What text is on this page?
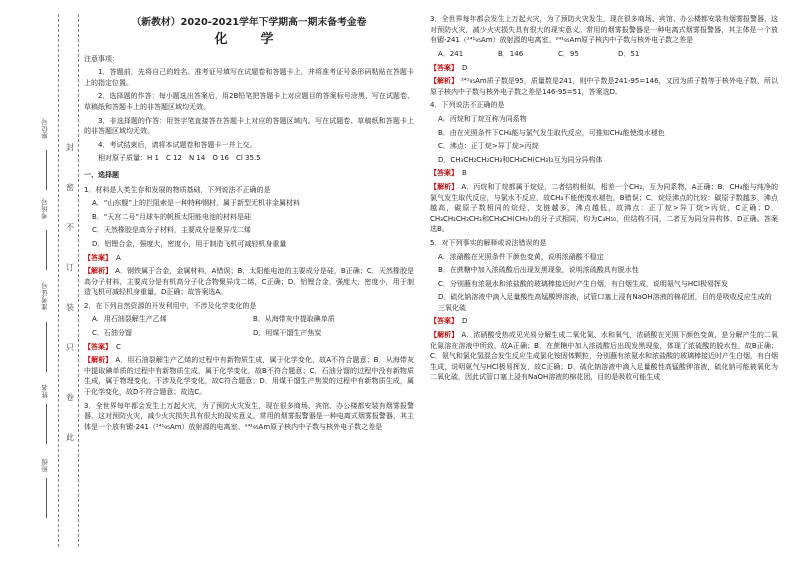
封
密
不
订
装
只
卷
此
座位号
考场号
准考证号
姓名
班级
（新教材）2020-2021学年下学期高一期末备考金卷
化　学
注意事项：
1．答题前，先将自己的姓名、准考证号填写在试题卷和答题卡上，并将准考证号条形码粘贴在答题卡上的指定位置。
2．选择题的作答：每小题选出答案后，用2B铅笔把答题卡上对应题目的答案标号涂黑，写在试题卷、草稿纸和答题卡上的非答题区域均无效。
3．非选择题的作答：用签字笔直接答在答题卡上对应的答题区域内。写在试题卷、草稿纸和答题卡上的非答题区域均无效。
4．考试结束后，请将本试题卷和答题卡一并上交。
相对原子质量：H 1　C 12　N 14　O 16　Cl 35.5
一、选择题
1．材料是人类生存和发展的物质基础，下列说法不正确的是
A．“山东舰”上的拦阻索是一种特种钢材，属于新型无机非金属材料
B．“天宫二号”月球车的帆板太阳能电池的材料是硅
C．天然橡胶是高分子材料，主要成分是聚异戊二烯
D．铝锂合金，强度大，密度小，用于制造飞机可减轻机身重量
【答案】 A
【解析】 A．钢铁属于合金，金属材料，A错误；B．太阳能电池的主要成分是硅，B正确；C．天然橡胶是高分子材料，主要成分是有机高分子化合物聚异戊二烯，C正确；D．铝锂合金，强度大，密度小，用于制造飞机可减轻机身重量，D正确；故答案选A。
2．在下列自然资源的开发利用中，不涉及化学变化的是
A．用石油裂解生产乙烯	B．从海带灰中提取碘单质
C．石油分馏	D．用煤干馏生产焦炭
【答案】 C
【解析】 A．用石油裂解生产乙烯的过程中有新物质生成，属于化学变化，故A不符合题意；B．从海带灰中提取碘单质的过程中有新物质生成，属于化学变化，故B不符合题意；C．石油分馏的过程中没有新物质生成，属于物理变化，不涉及化学变化，故C符合题意；D．用煤干馏生产焦炭的过程中有新物质生成，属于化学变化，故D不符合题意；故选C。
3．全世界每年都会发生上万起火灾，为了预防火灾发生，现在很多商场、宾馆、办公楼都安装有烟雾报警器，这对预防火灾，减少火灾损失具有很大的现实意义。常用的烟雾报警器是一种电离式烟雾报警器，其主体是一个放有镅-241（²⁴¹₉₅Am）放射源的电离室。²⁴¹₉₅Am原子核内中子数与核外电子数之差是
3．全世界每年都会发生上万起火灾，为了预防火灾发生，现在很多商场、宾馆、办公楼都安装有烟雾报警器，这对预防火灾，减少火灾损失具有很大的现实意义。常用的烟雾报警器是一种电离式烟雾报警器，其主体是一个放有镅-241（²⁴¹₉₅Am）放射源的电离室。²⁴¹₉₅Am原子核内中子数与核外电子数之差是
A．241	B．146	C．95	D．51
【答案】 D
【解析】 ²⁴¹₉₅Am质子数是95，质量数是241，则中子数是241-95=146，又因为质子数等于核外电子数，所以原子核内中子数与核外电子数之差是146-95=51，答案选D。
4．下列说法不正确的是
A．丙烷和丁烷互称为同系物
B．由在光照条件下CH₄能与氯气发生取代反应，可推知CH₄能使溴水褪色
C．沸点：正丁烷>异丁烷>丙烷
D．CH₃CH₂CH₂CH₃和CH₃CH(CH₃)₂互为同分异构体
【答案】 B
【解析】 A．丙烷和丁烷都属于烷烃，二者结构相似，相差一个CH₂，互为同系物，A正确；B．CH₄能与纯净的氯气发生取代反应，与氯水不反应，故CH₄不能使溴水褪色，B错误；C．烷烃沸点的比较：碳原子数越多，沸点越高，碳原子数相同的烷烃，支链越多，沸点越低，故沸点：正丁烷>异丁烷>丙烷，C正确；D．CH₃CH₂CH₂CH₃和CH₃CH(CH₃)₂的分子式相同，均为C₄H₁₀，但结构不同，二者互为同分异构体，D正确。答案选B。
5．对下列事实的解释或说法错误的是
A．浓硝酸在光照条件下颜色变黄，说明浓硝酸不稳定
B．在蔗糖中加入浓硫酸后出现发黑现象，说明浓硫酸具有脱水性
C．分别蘸有浓氨水和浓盐酸的玻璃棒接近时产生白烟，有白烟生成，说明氨气与HCl极易挥发
D．硫化钠溶液中滴入足量酸性高锰酸钾溶液，试管口塞上浸有NaOH溶液的棉花团，目的是吸收反应生成的三氧化硫
【答案】 D
【解析】 A．浓硝酸受热或见光易分解生成二氧化氮、水和氧气，浓硝酸在光照下颜色变黄，是分解产生的二氧化氮溶在溶液中所致，故A正确；B．在蔗糖中加入浓硫酸后出现发黑现象，体现了浓硫酸的脱水性，故B正确；C．氨气和氯化氢混合发生反应生成氯化铵固体颗粒，分别蘸有浓氨水和浓盐酸的玻璃棒接近时产生白烟，有白烟生成，说明氨气与HCl极易挥发，故C正确；D．硫化钠溶液中滴入足量酸性高锰酸钾溶液，硫化钠可能被氧化为二氧化硫，因此试管口塞上浸有NaOH溶液的棉花团，目的是吸收可能生成
